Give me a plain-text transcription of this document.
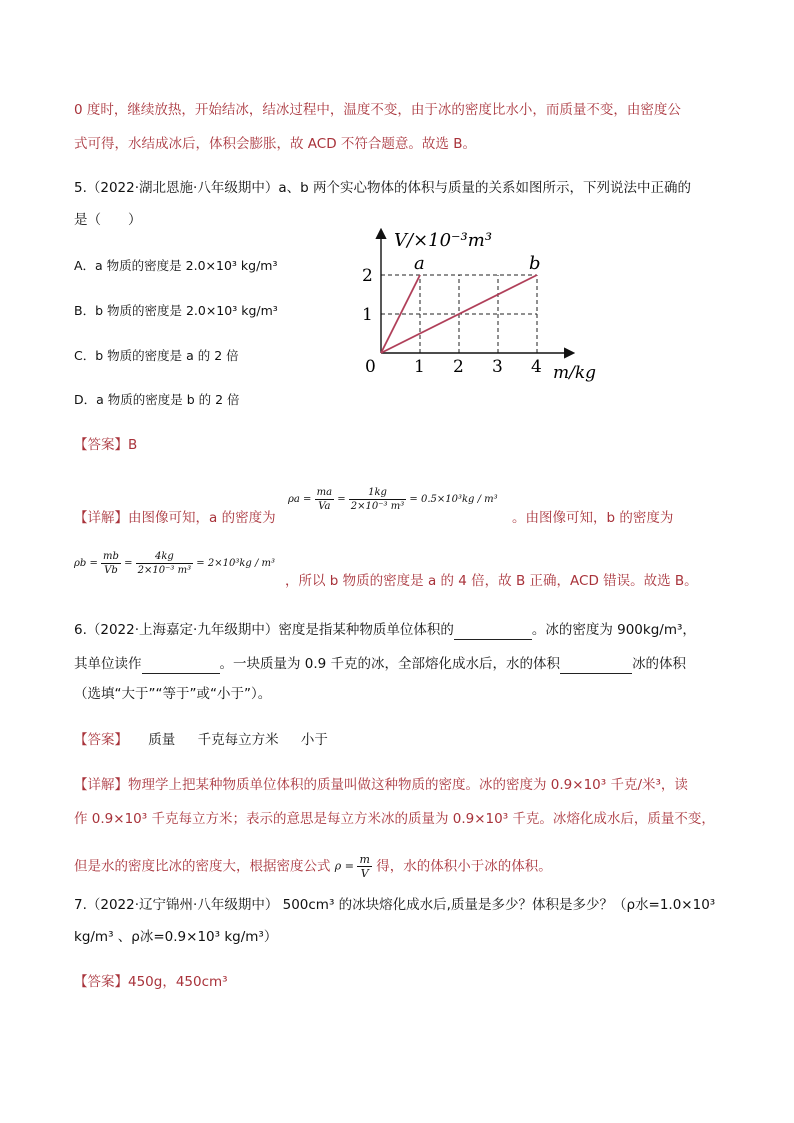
0 度时，继续放热，开始结冰，结冰过程中，温度不变，由于冰的密度比水小，而质量不变，由密度公
式可得，水结成冰后，体积会膨胀，故 ACD 不符合题意。故选 B。
5.（2022·湖北恩施·八年级期中）a、b 两个实心物体的体积与质量的关系如图所示，下列说法中正确的
是（　　）
A．a 物质的密度是 2.0×10³ kg/m³
B．b 物质的密度是 2.0×10³ kg/m³
C．b 物质的密度是 a 的 2 倍
D．a 物质的密度是 b 的 2 倍
【答案】B
【详解】由图像可知，a 的密度为
$\rho a = \frac{ma}{Va} = \frac{1kg}{\text{2×10⁻³ m³}} = 0.5\times 10^3kg / m^3$
。由图像可知，b 的密度为
$\rho b = \frac{mb}{Vb} = \frac{4kg}{\text{2×10⁻³ m³}} = 2\times 10^3kg / m^3$
，所以 b 物质的密度是 a 的 4 倍，故 B 正确，ACD 错误。故选 B。
V/×10⁻³m³
m/kg
0 1 2 3 4
1
2
a	b
6.（2022·上海嘉定·九年级期中）密度是指某种物质单位体积的	。冰的密度为 900kg/m³，
其单位读作	。一块质量为 0.9 千克的冰，全部熔化成水后，水的体积	冰的体积
（选填“大于”“等于”或“小于”）。
【答案】 质量 千克每立方米 小于
【详解】物理学上把某种物质单位体积的质量叫做这种物质的密度。冰的密度为 0.9×10³ 千克/米³，读
作 0.9×10³ 千克每立方米；表示的意思是每立方米冰的质量为 0.9×10³ 千克。冰熔化成水后，质量不变，
但是水的密度比冰的密度大，根据密度公式 $\rho = \frac{m}{V}$ 得，水的体积小于冰的体积。
7.（2022·辽宁锦州·八年级期中） 500cm³ 的冰块熔化成水后,质量是多少？体积是多少？（ρ水=1.0×10³
kg/m³ 、ρ冰=0.9×10³ kg/m³）
【答案】450g，450cm³
